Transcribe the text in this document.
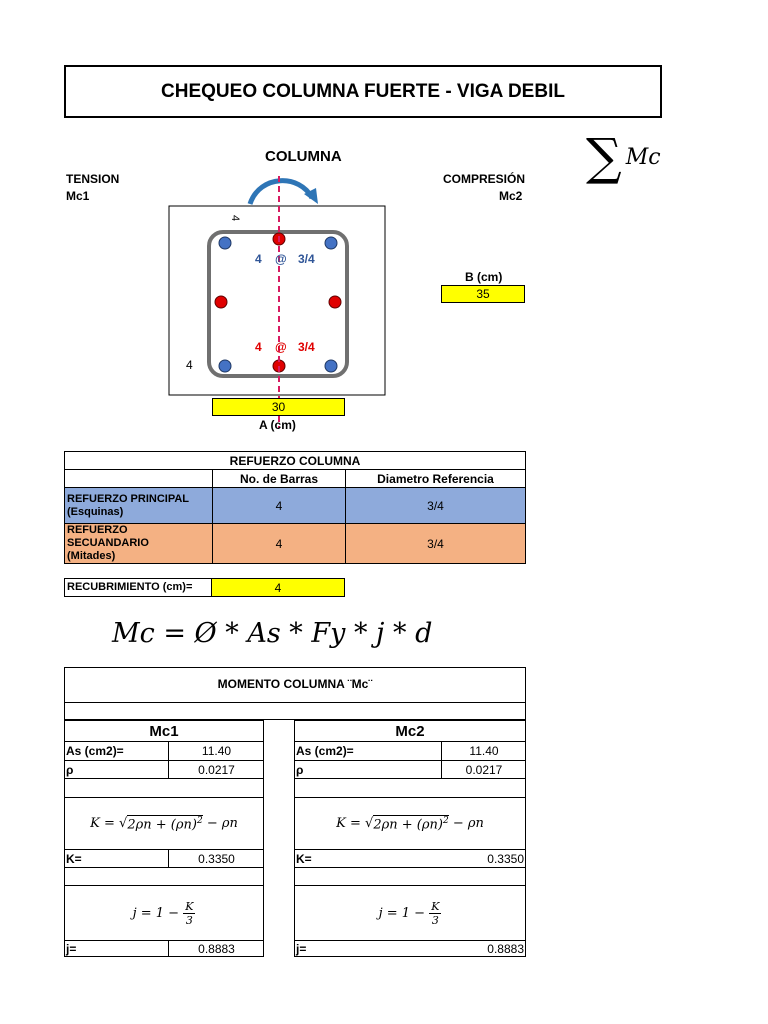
CHEQUEO COLUMNA FUERTE - VIGA DEBIL
∑ Mc
COLUMNA
TENSION
Mc1
COMPRESIÓN
Mc2
4
4
4 @ 3/4
4 @ 3/4
B (cm)
35
30
A (cm)
REFUERZO COLUMNA		
	No. de Barras	Diametro Referencia

REFUERZO PRINCIPAL
(Esquinas)	4	3/4

REFUERZO SECUANDARIO
(Mitades)	4	3/4
RECUBRIMIENTO (cm)=	4
Mc = Ø * As * Fy * j * d
MOMENTO COLUMNA ¨Mc¨
Mc1
As (cm2)=	11.40
ρ	0.0217
K =
√ $2\rho n + (\rho n)^2$
− ρn
K=	0.3350
j = 1 −
$\frac{K}{3}$
j=	0.8883
Mc2
As (cm2)=	11.40
ρ	0.0217
K =
√ $2\rho n + (\rho n)^2$
− ρn
K=	0.3350
j = 1 −
$\frac{K}{3}$
j=	0.8883
